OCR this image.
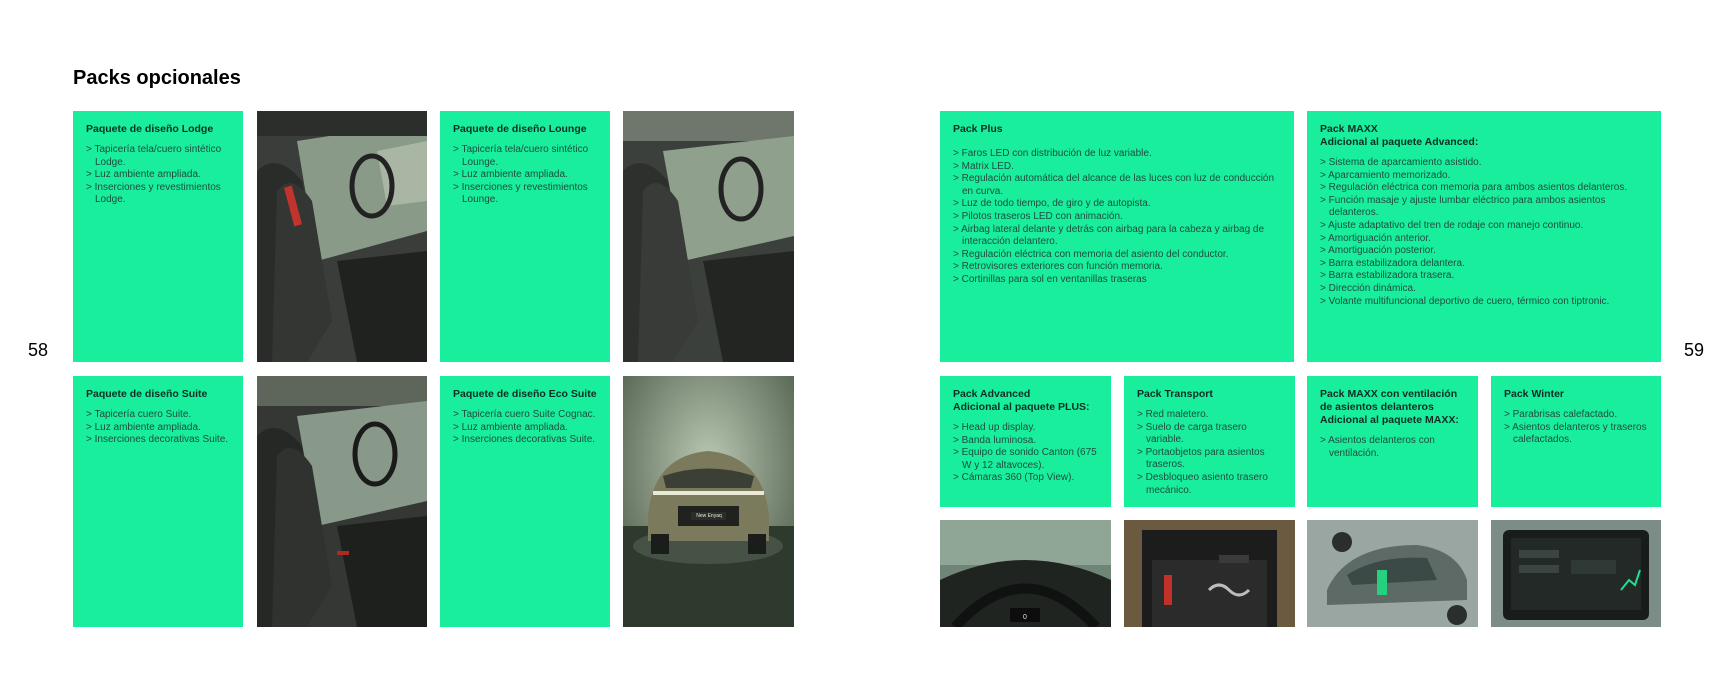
Packs opcionales
58	59
Paquete de diseño Lodge
> Tapicería tela/cuero sintético Lodge.
> Luz ambiente ampliada.
> Inserciones y revestimientos Lodge.
Paquete de diseño Lounge
> Tapicería tela/cuero sintético Lounge.
> Luz ambiente ampliada.
> Inserciones y revestimientos Lounge.
Paquete de diseño Suite
> Tapicería cuero Suite.
> Luz ambiente ampliada.
> Inserciones decorativas Suite.
Paquete de diseño Eco Suite
> Tapicería cuero Suite Cognac.
> Luz ambiente ampliada.
> Inserciones decorativas Suite.
New Enyaq
Pack Plus
> Faros LED con distribución de luz variable.
> Matrix LED.
> Regulación automática del alcance de las luces con luz de conducción en curva.
> Luz de todo tiempo, de giro y de autopista.
> Pilotos traseros LED con animación.
> Airbag lateral delante y detrás con airbag para la cabeza y airbag de interacción delantero.
> Regulación eléctrica con memoria del asiento del conductor.
> Retrovisores exteriores con función memoria.
> Cortinillas para sol en ventanillas traseras
Pack MAXX
Adicional al paquete Advanced:
> Sistema de aparcamiento asistido.
> Aparcamiento memorizado.
> Regulación eléctrica con memoria para ambos asientos delanteros.
> Función masaje y ajuste lumbar eléctrico para ambos asientos delanteros.
> Ajuste adaptativo del tren de rodaje con manejo continuo.
> Amortiguación anterior.
> Amortiguación posterior.
> Barra estabilizadora delantera.
> Barra estabilizadora trasera.
> Dirección dinámica.
> Volante multifuncional deportivo de cuero, térmico con tiptronic.
Pack Advanced
Adicional al paquete PLUS:
> Head up display.
> Banda luminosa.
> Equipo de sonido Canton (675 W y 12 altavoces).
> Cámaras 360 (Top View).
Pack Transport
> Red maletero.
> Suelo de carga trasero variable.
> Portaobjetos para asientos traseros.
> Desbloqueo asiento trasero mecánico.
Pack MAXX con ventilación
de asientos delanteros
Adicional al paquete MAXX:
> Asientos delanteros con ventilación.
Pack Winter
> Parabrisas calefactado.
> Asientos delanteros y traseros calefactados.
0
